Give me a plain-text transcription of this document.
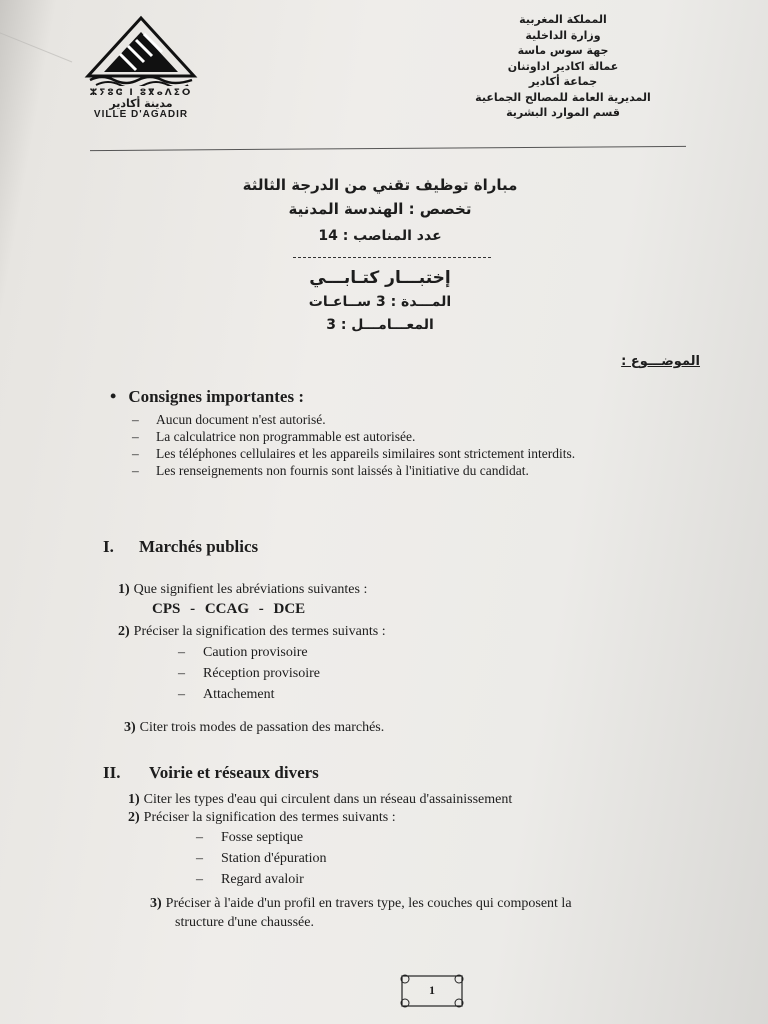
ⵣⵢⵓⵛ ⵏ ⵓⴳⴰⴷⵉⵔ
مدينة أكادير
VILLE D'AGADIR
المملكة المغربية
وزارة الداخلية
جهة سوس ماسة
عمالة اكادير اداوتنان
جماعة أكادير
المديرية العامة للمصالح الجماعية
قسم الموارد البشرية
مباراة توظيف تقني من الدرجة الثالثة
تخصص : الهندسة المدنية
عدد المناصب : 14
إختبـــار كتـابـــي
المـــدة : 3 ســاعـات
المعـــامـــل : 3
الموضـــوع :
• Consignes importantes :
– Aucun document n'est autorisé.
– La calculatrice non programmable est autorisée.
– Les téléphones cellulaires et les appareils similaires sont strictement interdits.
– Les renseignements non fournis sont laissés à l'initiative du candidat.
I. Marchés publics
1) Que signifient les abréviations suivantes :
CPS - CCAG - DCE
2) Préciser la signification des termes suivants :
– Caution provisoire
– Réception provisoire
– Attachement
3) Citer trois modes de passation des marchés.
II. Voirie et réseaux divers
1) Citer les types d'eau qui circulent dans un réseau d'assainissement
2) Préciser la signification des termes suivants :
– Fosse septique
– Station d'épuration
– Regard avaloir
3) Préciser à l'aide d'un profil en travers type, les couches qui composent la
structure d'une chaussée.
1
